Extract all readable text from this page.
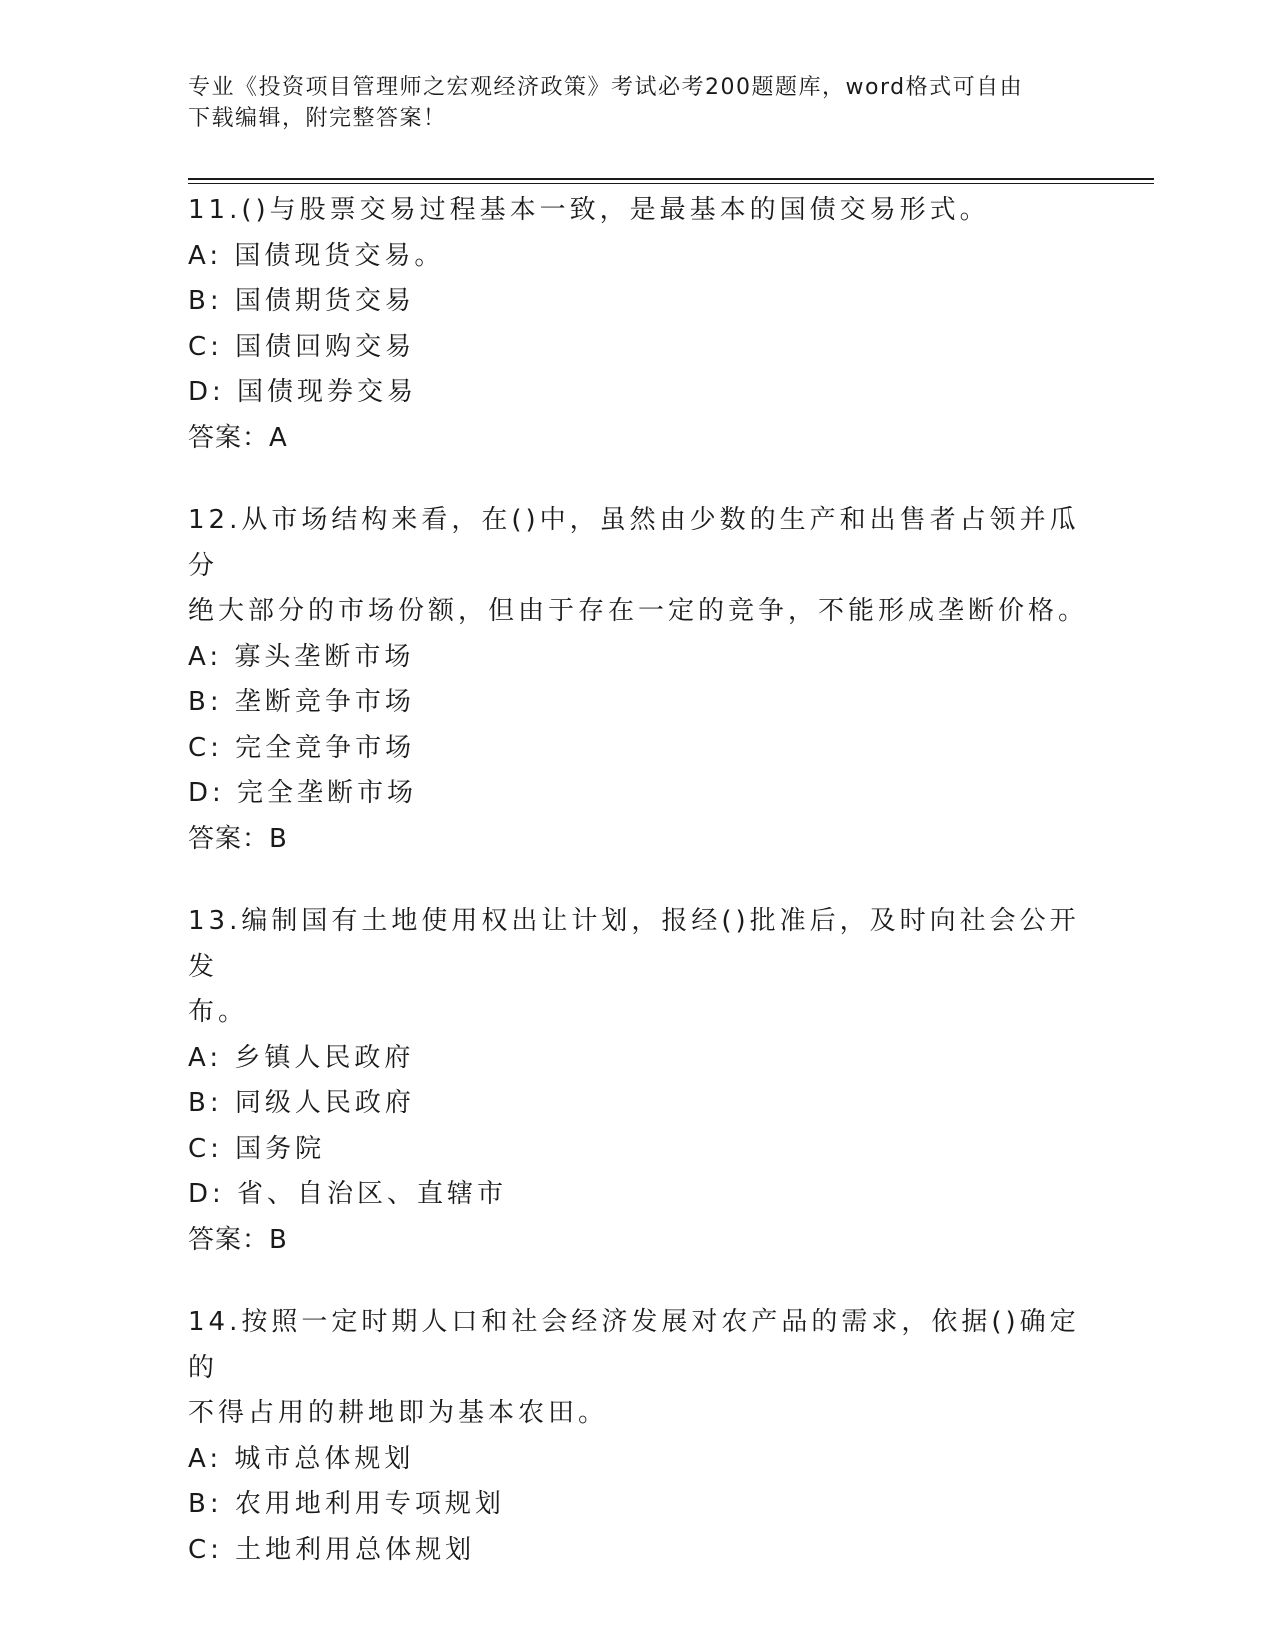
专业《投资项目管理师之宏观经济政策》考试必考200题题库，word格式可自由
下载编辑，附完整答案！
11.()与股票交易过程基本一致，是最基本的国债交易形式。
A: 国债现货交易。
B: 国债期货交易
C: 国债回购交易
D: 国债现券交易
答案：A
12.从市场结构来看，在()中，虽然由少数的生产和出售者占领并瓜分
绝大部分的市场份额，但由于存在一定的竞争，不能形成垄断价格。
A: 寡头垄断市场
B: 垄断竞争市场
C: 完全竞争市场
D: 完全垄断市场
答案：B
13.编制国有土地使用权出让计划，报经()批准后，及时向社会公开发
布。
A: 乡镇人民政府
B: 同级人民政府
C: 国务院
D: 省、自治区、直辖市
答案：B
14.按照一定时期人口和社会经济发展对农产品的需求，依据()确定的
不得占用的耕地即为基本农田。
A: 城市总体规划
B: 农用地利用专项规划
C: 土地利用总体规划
